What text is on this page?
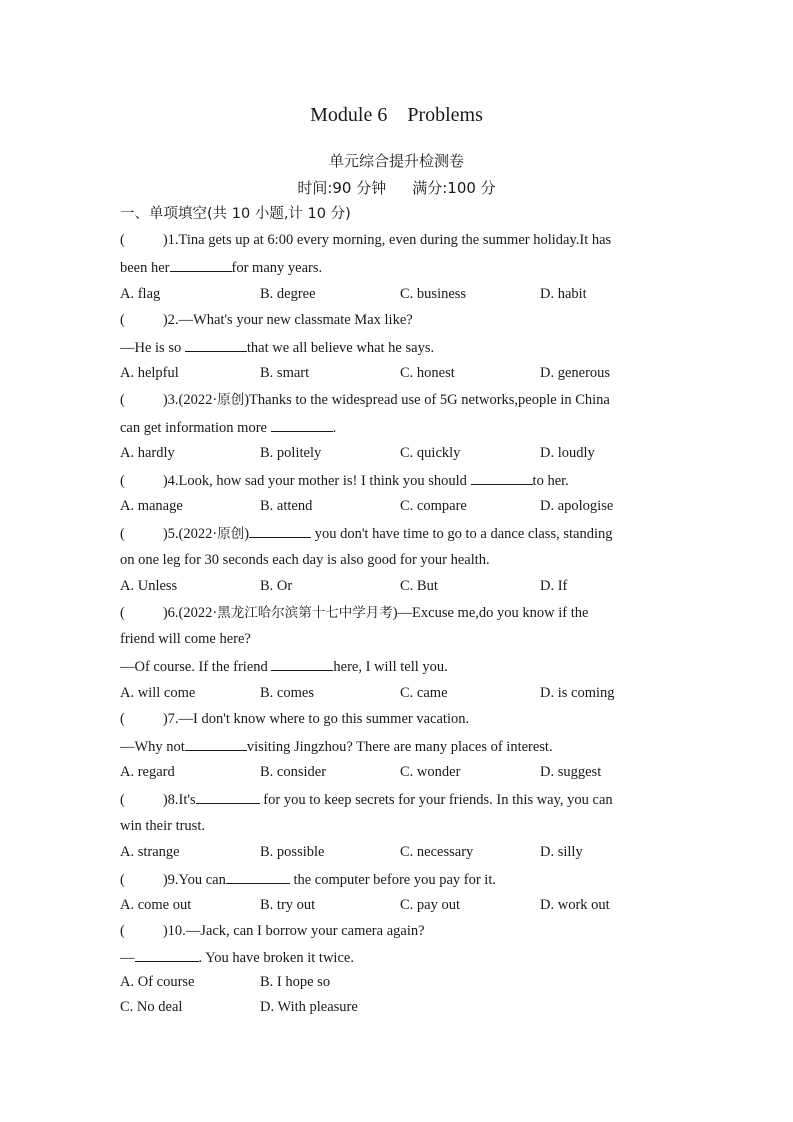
Module 6 Problems
单元综合提升检测卷
时间:90 分钟 满分:100 分
一、单项填空(共 10 小题,计 10 分)
(	)1.Tina gets up at 6:00 every morning, even during the summer holiday.It has
been her	for many years.
A. flag	B. degree	C. business	D. habit
(	)2.—What's your new classmate Max like?
—He is so	that we all believe what he says.
A. helpful	B. smart	C. honest	D. generous
(	)3.(2022·原创)Thanks to the widespread use of 5G networks,people in China
can get information more	.
A. hardly	B. politely	C. quickly	D. loudly
(	)4.Look, how sad your mother is! I think you should	to her.
A. manage	B. attend	C. compare	D. apologise
(	)5.(2022·原创)	you don't have time to go to a dance class, standing
on one leg for 30 seconds each day is also good for your health.
A. Unless	B. Or	C. But	D. If
(	)6.(2022·黑龙江哈尔滨第十七中学月考)—Excuse me,do you know if the
friend will come here?
—Of course. If the friend	here, I will tell you.
A. will come	B. comes	C. came	D. is coming
(	)7.—I don't know where to go this summer vacation.
—Why not	visiting Jingzhou? There are many places of interest.
A. regard	B. consider	C. wonder	D. suggest
(	)8.It's	for you to keep secrets for your friends. In this way, you can
win their trust.
A. strange	B. possible	C. necessary	D. silly
(	)9.You can	the computer before you pay for it.
A. come out	B. try out	C. pay out	D. work out
(	)10.—Jack, can I borrow your camera again?
—	. You have broken it twice.
A. Of course	B. I hope so
C. No deal	D. With pleasure
